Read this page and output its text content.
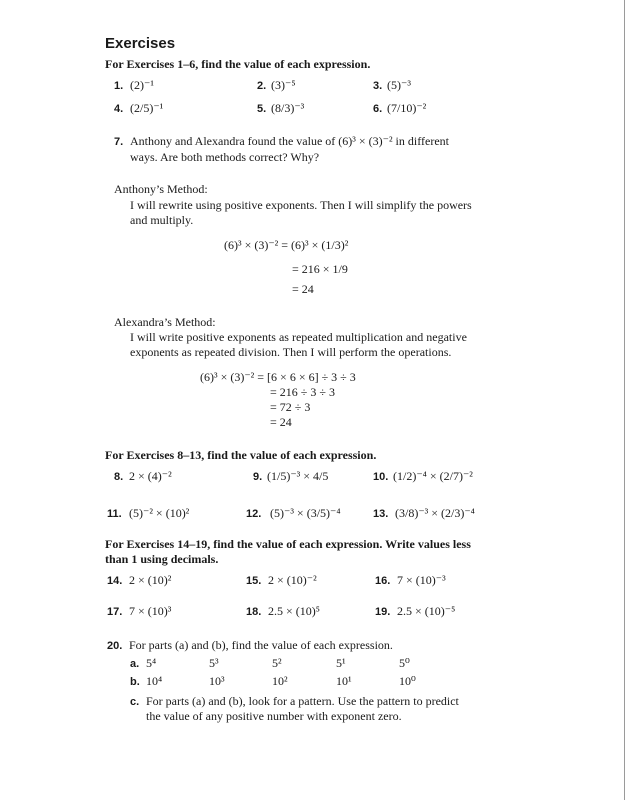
Exercises
For Exercises 1–6, find the value of each expression.
1. (2)⁻¹	2. (3)⁻⁵	3. (5)⁻³
4. (2/5)⁻¹	5. (8/3)⁻³	6. (7/10)⁻²
7. Anthony and Alexandra found the value of (6)³ × (3)⁻² in different
ways. Are both methods correct? Why?
Anthony’s Method:
I will rewrite using positive exponents. Then I will simplify the powers
and multiply.
(6)³ × (3)⁻² = (6)³ × (1/3)²
= 216 × 1/9
= 24
Alexandra’s Method:
I will write positive exponents as repeated multiplication and negative
exponents as repeated division. Then I will perform the operations.
(6)³ × (3)⁻² = [6 × 6 × 6] ÷ 3 ÷ 3
= 216 ÷ 3 ÷ 3
= 72 ÷ 3
= 24
For Exercises 8–13, find the value of each expression.
8. 2 × (4)⁻²	9. (1/5)⁻³ × 4/5	10. (1/2)⁻⁴ × (2/7)⁻²
11. (5)⁻² × (10)²	12. (5)⁻³ × (3/5)⁻⁴	13. (3/8)⁻³ × (2/3)⁻⁴
For Exercises 14–19, find the value of each expression. Write values less
than 1 using decimals.
14. 2 × (10)²	15. 2 × (10)⁻²	16. 7 × (10)⁻³
17. 7 × (10)³	18. 2.5 × (10)⁵	19. 2.5 × (10)⁻⁵
20. For parts (a) and (b), find the value of each expression.
a. 5⁴	5³	5²	5¹	5⁰
b. 10⁴	10³	10²	10¹	10⁰
c. For parts (a) and (b), look for a pattern. Use the pattern to predict
the value of any positive number with exponent zero.
